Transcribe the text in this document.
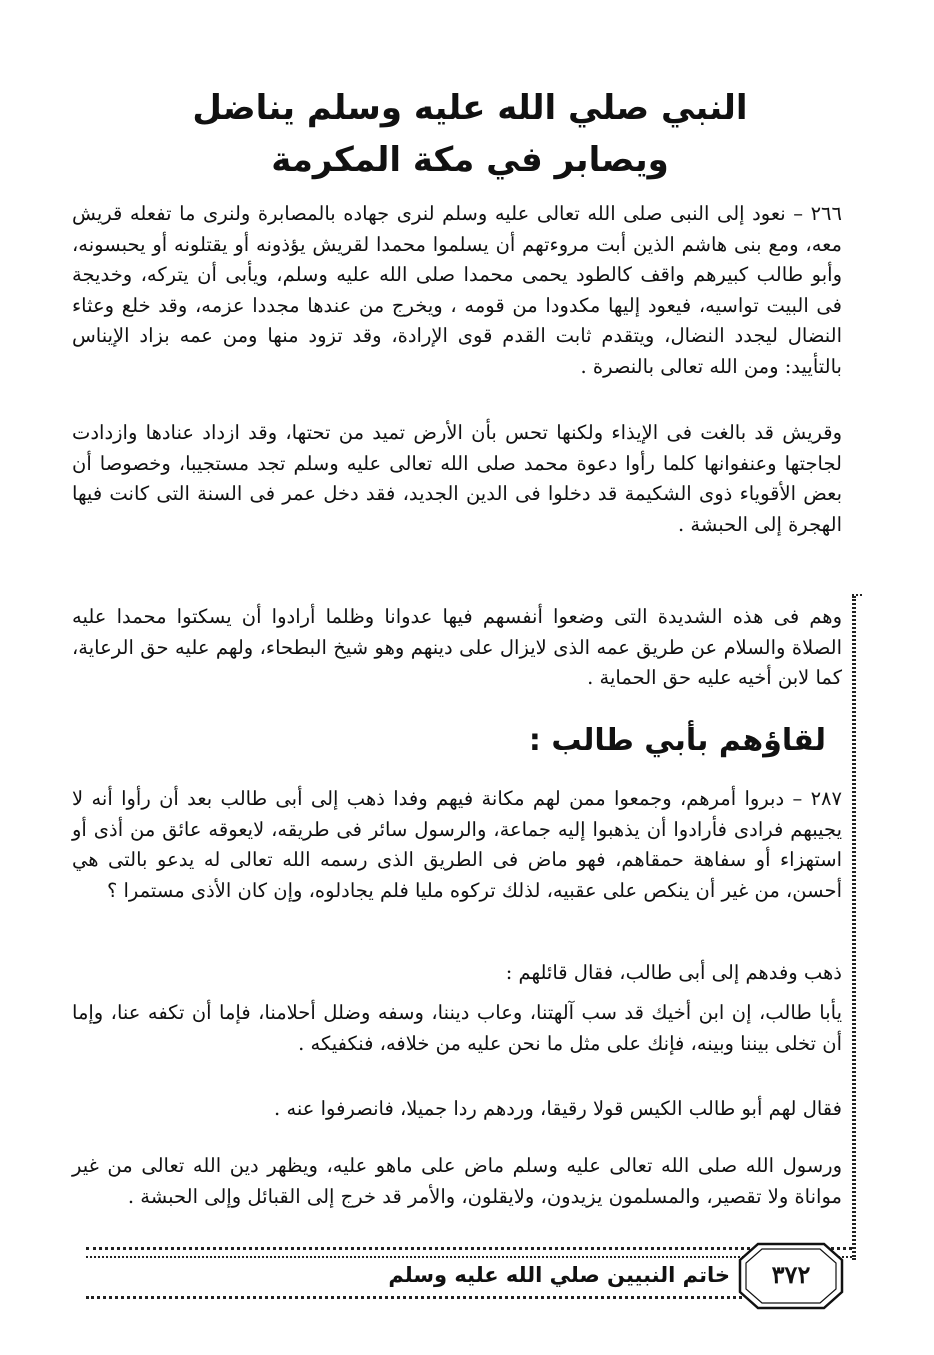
النبي صلي الله عليه وسلم يناضل

ويصابر في مكة المكرمة

٢٦٦ – نعود إلى النبى صلى الله تعالى عليه وسلم لنرى جهاده بالمصابرة ولنرى ما تفعله قريش معه، ومع بنى هاشم الذين أبت مروءتهم أن يسلموا محمدا لقريش يؤذونه أو يقتلونه أو يحبسونه، وأبو طالب كبيرهم واقف كالطود يحمى محمدا صلى الله عليه وسلم، ويأبى أن يتركه، وخديجة فى البيت تواسيه، فيعود إليها مكدودا من قومه ، ويخرج من عندها مجددا عزمه، وقد خلع وعثاء النضال ليجدد النضال، ويتقدم ثابت القدم قوى الإرادة، وقد تزود منها ومن عمه بزاد الإيناس بالتأييد: ومن الله تعالى بالنصرة .

وقريش قد بالغت فى الإيذاء ولكنها تحس بأن الأرض تميد من تحتها، وقد ازداد عنادها وازدادت لجاجتها وعنفوانها كلما رأوا دعوة محمد صلى الله تعالى عليه وسلم تجد مستجيبا، وخصوصا أن بعض الأقوياء ذوى الشكيمة قد دخلوا فى الدين الجديد، فقد دخل عمر فى السنة التى كانت فيها الهجرة إلى الحبشة .

وهم فى هذه الشديدة التى وضعوا أنفسهم فيها عدوانا وظلما أرادوا أن يسكتوا محمدا عليه الصلاة والسلام عن طريق عمه الذى لايزال على دينهم وهو شيخ البطحاء، ولهم عليه حق الرعاية، كما لابن أخيه عليه حق الحماية .

لقاؤهم بأبي طالب :

٢٨٧ – دبروا أمرهم، وجمعوا ممن لهم مكانة فيهم وفدا ذهب إلى أبى طالب بعد أن رأوا أنه لا يجيبهم فرادى فأرادوا أن يذهبوا إليه جماعة، والرسول سائر فى طريقه، لايعوقه عائق من أذى أو استهزاء أو سفاهة حمقاهم، فهو ماض فى الطريق الذى رسمه الله تعالى له يدعو بالتى هي أحسن، من غير أن ينكص على عقبيه، لذلك تركوه مليا فلم يجادلوه، وإن كان الأذى مستمرا ؟

ذهب وفدهم إلى أبى طالب، فقال قائلهم :

يأبا طالب، إن ابن أخيك قد سب آلهتنا، وعاب ديننا، وسفه وضلل أحلامنا، فإما أن تكفه عنا، وإما أن تخلى بيننا وبينه، فإنك على مثل ما نحن عليه من خلافه، فنكفيكه .

فقال لهم أبو طالب الكيس قولا رقيقا، وردهم ردا جميلا، فانصرفوا عنه .

ورسول الله صلى الله تعالى عليه وسلم ماض على ماهو عليه، ويظهر دين الله تعالى من غير مواناة ولا تقصير، والمسلمون يزيدون، ولايقلون، والأمر قد خرج إلى القبائل وإلى الحبشة .

خاتم النبيين صلي الله عليه وسلم	٣٧٢
